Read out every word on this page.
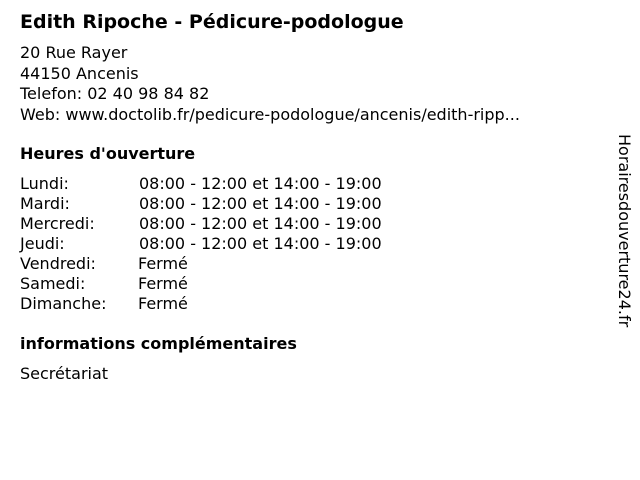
Edith Ripoche - Pédicure-podologue
20 Rue Rayer
44150 Ancenis
Telefon: 02 40 98 84 82
Web: www.doctolib.fr/pedicure-podologue/ancenis/edith-ripp...
Heures d'ouverture
Lundi:	08:00 - 12:00 et 14:00 - 19:00
Mardi:	08:00 - 12:00 et 14:00 - 19:00
Mercredi:	08:00 - 12:00 et 14:00 - 19:00
Jeudi:	08:00 - 12:00 et 14:00 - 19:00
Vendredi:	Fermé
Samedi:	Fermé
Dimanche: Fermé
informations complémentaires
Secrétariat
Horairesdouverture24.fr
